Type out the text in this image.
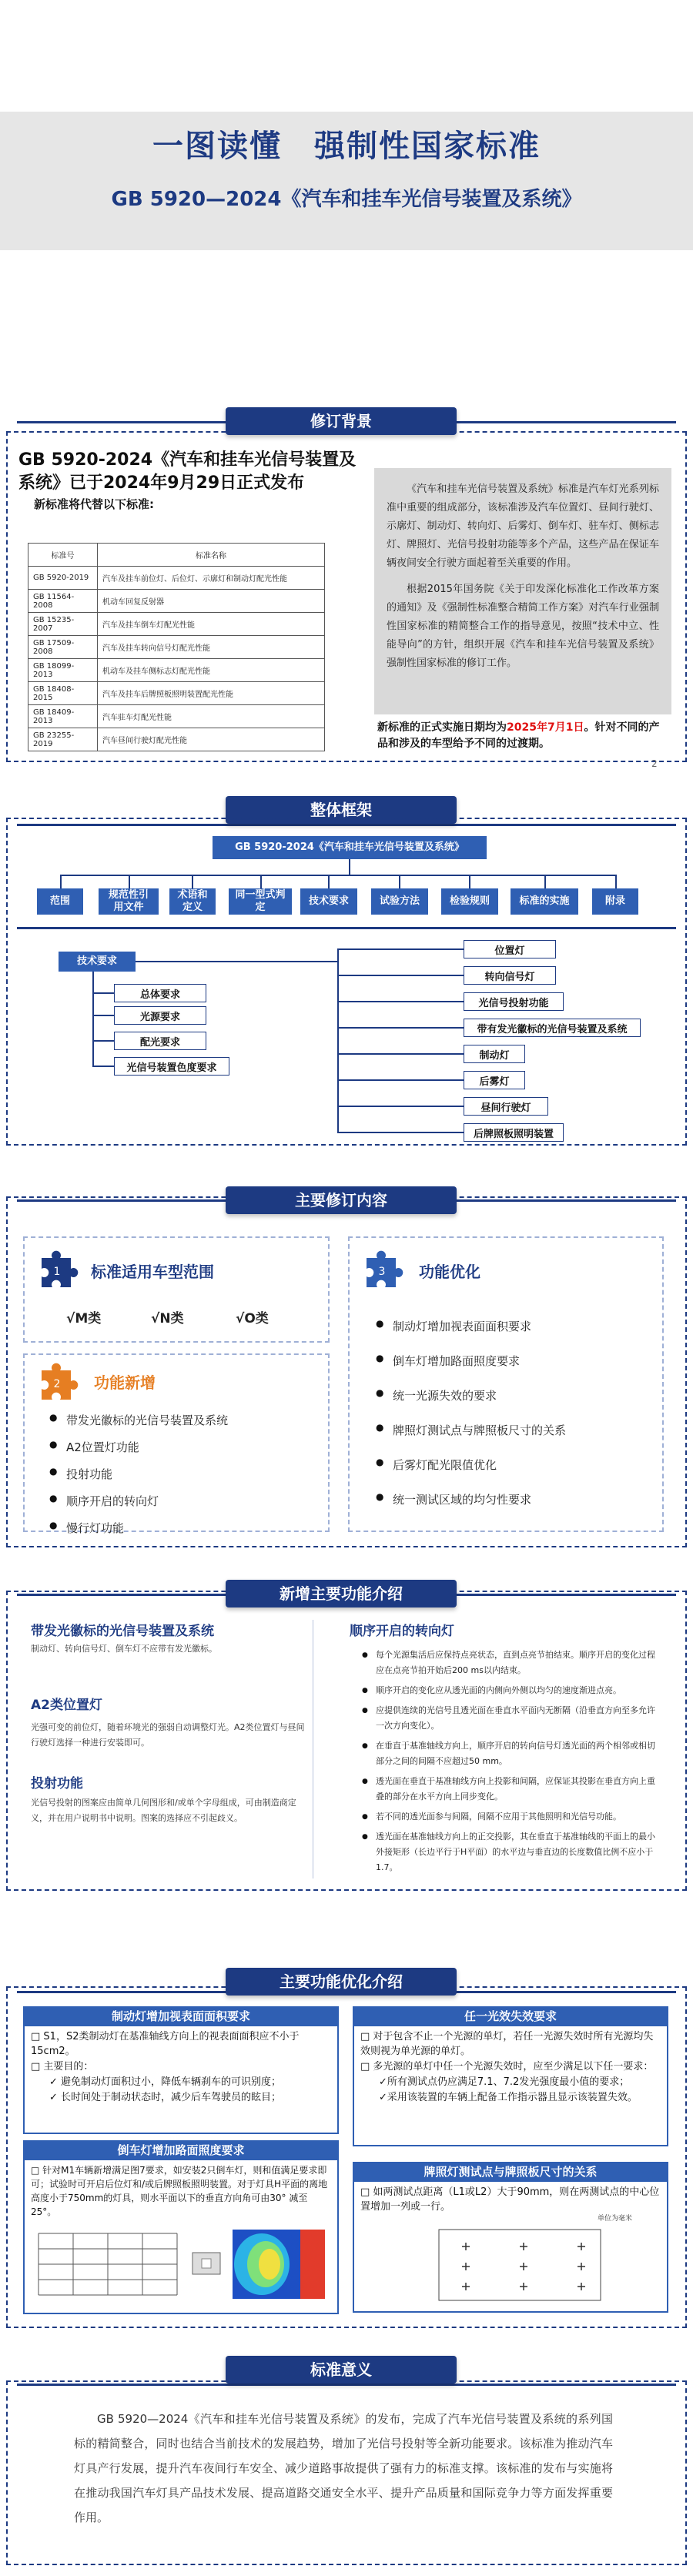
一图读懂　强制性国家标准
GB 5920—2024《汽车和挂车光信号装置及系统》
修订背景
GB 5920-2024《汽车和挂车光信号装置及系统》已于2024年9月29日正式发布
新标准将代替以下标准:
标准号	标准名称
GB 5920-2019	汽车及挂车前位灯、后位灯、示廓灯和制动灯配光性能
GB 11564-2008	机动车回复反射器
GB 15235-2007	汽车及挂车倒车灯配光性能
GB 17509-2008	汽车及挂车转向信号灯配光性能
GB 18099-2013	机动车及挂车侧标志灯配光性能
GB 18408-2015	汽车及挂车后牌照板照明装置配光性能
GB 18409-2013	汽车驻车灯配光性能
GB 23255-2019	汽车昼间行驶灯配光性能

《汽车和挂车光信号装置及系统》标准是汽车灯光系列标准中重要的组成部分，该标准涉及汽车位置灯、昼间行驶灯、示廓灯、制动灯、转向灯、后雾灯、倒车灯、驻车灯、侧标志灯、牌照灯、光信号投射功能等多个产品，这些产品在保证车辆夜间安全行驶方面起着至关重要的作用。

根据2015年国务院《关于印发深化标准化工作改革方案的通知》及《强制性标准整合精简工作方案》对汽车行业强制性国家标准的精简整合工作的指导意见，按照“技术中立、性能导向”的方针，组织开展《汽车和挂车光信号装置及系统》强制性国家标准的修订工作。

新标准的正式实施日期均为2025年7月1日。针对不同的产品和涉及的车型给予不同的过渡期。
2
整体框架
GB 5920-2024《汽车和挂车光信号装置及系统》
范围
规范性引用文件
术语和定义
同一型式判定
技术要求	试验方法	检验规则	标准的实施	附录
技术要求
总体要求
光源要求
配光要求
光信号装置色度要求
位置灯
转向信号灯
光信号投射功能
带有发光徽标的光信号装置及系统
制动灯
后雾灯
昼间行驶灯
后牌照板照明装置
主要修订内容
1 标准适用车型范围
√M类	√N类	√O类
2 功能新增
● 带发光徽标的光信号装置及系统
● A2位置灯功能
● 投射功能
● 顺序开启的转向灯
● 慢行灯功能
3 功能优化
● 制动灯增加视表面面积要求
● 倒车灯增加路面照度要求
● 统一光源失效的要求
● 牌照灯测试点与牌照板尺寸的关系
● 后雾灯配光限值优化
● 统一测试区域的均匀性要求
新增主要功能介绍
带发光徽标的光信号装置及系统
制动灯、转向信号灯、倒车灯不应带有发光徽标。
A2类位置灯
光强可变的前位灯，随着环境光的强弱自动调整灯光。A2类位置灯与昼间行驶灯选择一种进行安装即可。
投射功能
光信号投射的图案应由简单几何图形和/或单个字母组成，可由制造商定义，并在用户说明书中说明。图案的选择应不引起歧义。
顺序开启的转向灯
● 每个光源集活后应保持点亮状态，直到点亮节拍结束。顺序开启的变化过程应在点亮节拍开始后200 ms以内结束。
● 顺序开启的变化应从透光面的内侧向外侧以均匀的速度渐进点亮。
● 应提供连续的光信号且透光面在垂直水平面内无断隔（沿垂直方向至多允许一次方向变化）。
● 在垂直于基准轴线方向上，顺序开启的转向信号灯透光面的两个相邻或相切部分之间的间隔不应超过50 mm。
● 透光面在垂直于基准轴线方向上投影和间隔，应保证其投影在垂直方向上重叠的部分在水平方向上同步变化。
● 若不同的透光面参与间隔，间隔不应用于其他照明和光信号功能。
● 透光面在基准轴线方向上的正交投影，其在垂直于基准轴线的平面上的最小外接矩形（长边平行于H平面）的水平边与垂直边的长度数值比例不应小于1.7。
主要功能优化介绍
制动灯增加视表面面积要求

□ S1，S2类制动灯在基准轴线方向上的视表面面积应不小于15cm2。

□ 主要目的：

✓ 避免制动灯面积过小，降低车辆刹车的可识别度；

✓ 长时间处于制动状态时，减少后车驾驶员的眩目；

倒车灯增加路面照度要求

□ 针对M1车辆新增满足图7要求，如安装2只倒车灯，则和值满足要求即可；试验时可开启后位灯和/或后牌照板照明装置。对于灯具H平面的离地高度小于750mm的灯具，则水平面以下的垂直方向角可由30° 减至25°。

任一光效失效要求

□ 对于包含不止一个光源的单灯，若任一光源失效时所有光源均失效则视为单光源的单灯。

□ 多光源的单灯中任一个光源失效时，应至少满足以下任一要求：

✓所有测试点仍应满足7.1、7.2发光强度最小值的要求；

✓采用该装置的车辆上配备工作指示器且显示该装置失效。

牌照灯测试点与牌照板尺寸的关系

□ 如两测试点距离（L1或L2）大于90mm，则在两测试点的中心位置增加一列或一行。

单位为毫米
标准意义
GB 5920—2024《汽车和挂车光信号装置及系统》的发布，完成了汽车光信号装置及系统的系列国标的精简整合，同时也结合当前技术的发展趋势，增加了光信号投射等全新功能要求。该标准为推动汽车灯具产行发展，提升汽车夜间行车安全、减少道路事故提供了强有力的标准支撑。该标准的发布与实施将在推动我国汽车灯具产品技术发展、提高道路交通安全水平、提升产品质量和国际竞争力等方面发挥重要作用。
